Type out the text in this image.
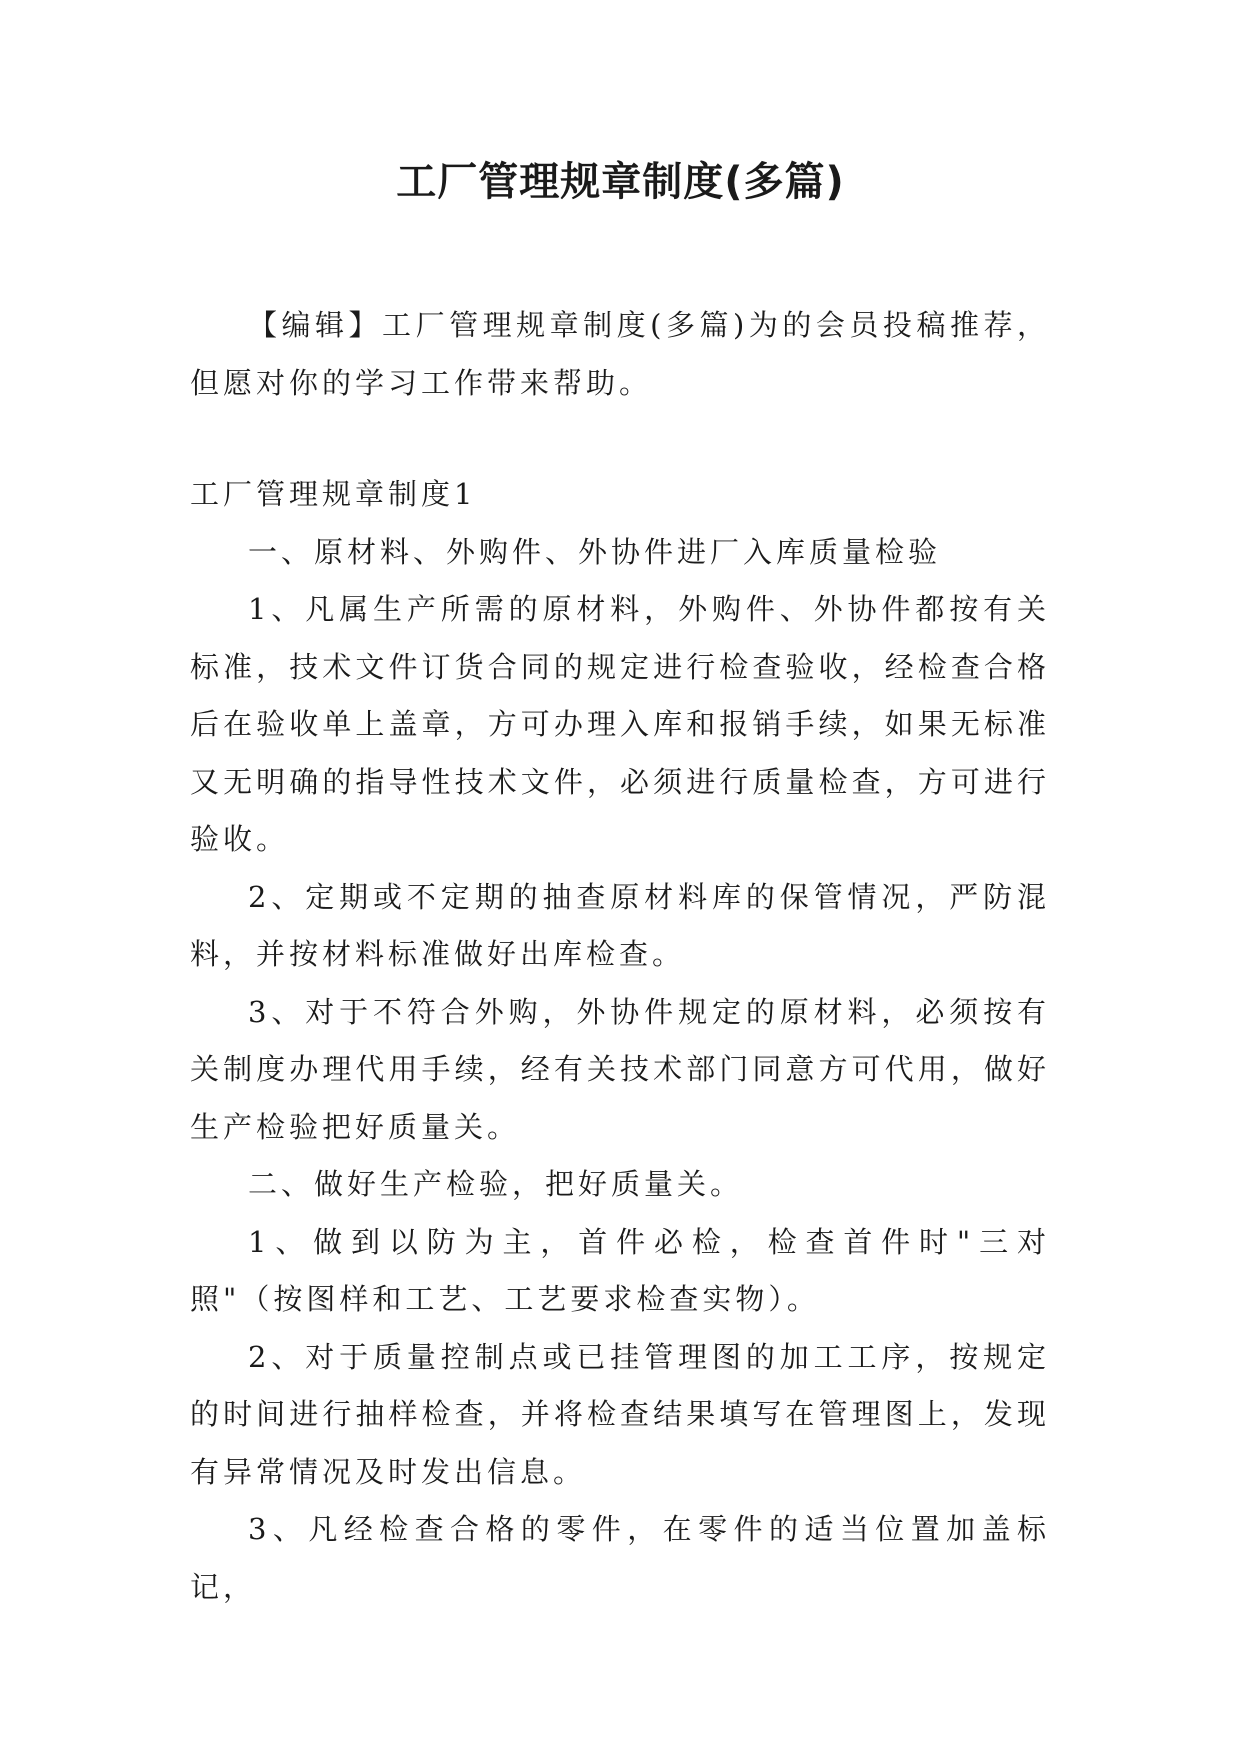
工厂管理规章制度(多篇)

【编辑】工厂管理规章制度(多篇)为的会员投稿推荐，但愿对你的学习工作带来帮助。

工厂管理规章制度1

一、原材料、外购件、外协件进厂入库质量检验

1、凡属生产所需的原材料，外购件、外协件都按有关标准，技术文件订货合同的规定进行检查验收，经检查合格后在验收单上盖章，方可办理入库和报销手续，如果无标准又无明确的指导性技术文件，必须进行质量检查，方可进行验收。

2、定期或不定期的抽查原材料库的保管情况，严防混料，并按材料标准做好出库检查。

3、对于不符合外购，外协件规定的原材料，必须按有关制度办理代用手续，经有关技术部门同意方可代用，做好生产检验把好质量关。

二、做好生产检验，把好质量关。

1、做到以防为主，首件必检，检查首件时"三对照"（按图样和工艺、工艺要求检查实物）。

2、对于质量控制点或已挂管理图的加工工序，按规定的时间进行抽样检查，并将检查结果填写在管理图上，发现有异常情况及时发出信息。

3、凡经检查合格的零件，在零件的适当位置加盖标记，
